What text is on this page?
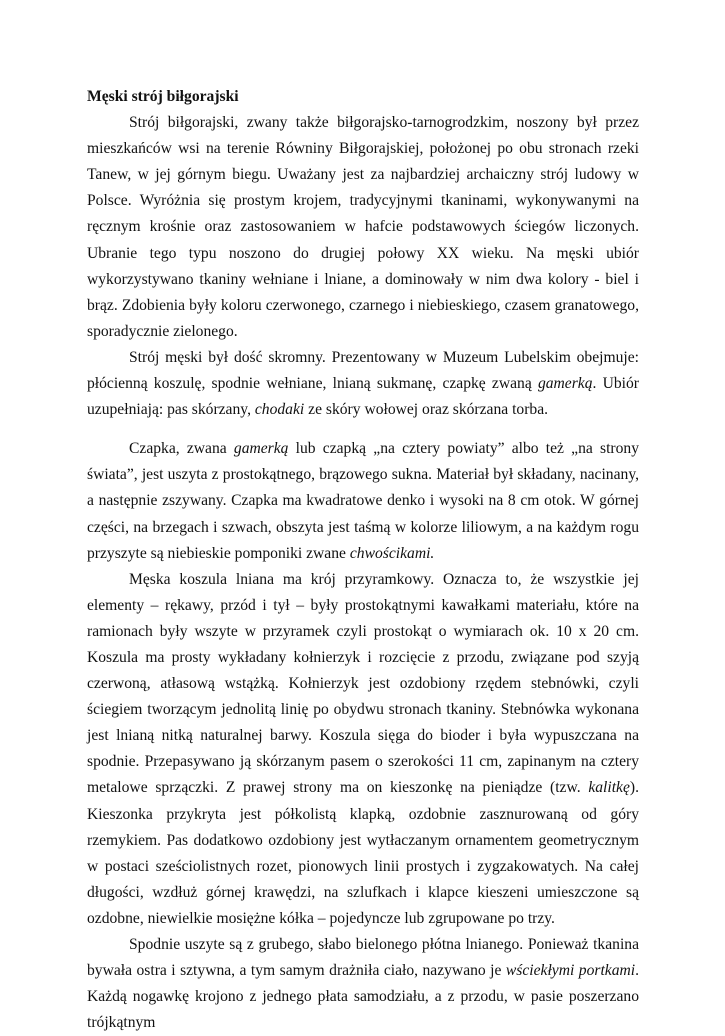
Męski strój biłgorajski

Strój biłgorajski, zwany także biłgorajsko-tarnogrodzkim, noszony był przez mieszkańców wsi na terenie Równiny Biłgorajskiej, położonej po obu stronach rzeki Tanew, w jej górnym biegu. Uważany jest za najbardziej archaiczny strój ludowy w Polsce. Wyróżnia się prostym krojem, tradycyjnymi tkaninami, wykonywanymi na ręcznym krośnie oraz zastosowaniem w hafcie podstawowych ściegów liczonych. Ubranie tego typu noszono do drugiej połowy XX wieku. Na męski ubiór wykorzystywano tkaniny wełniane i lniane, a dominowały w nim dwa kolory - biel i brąz. Zdobienia były koloru czerwonego, czarnego i niebieskiego, czasem granatowego, sporadycznie zielonego.

Strój męski był dość skromny. Prezentowany w Muzeum Lubelskim obejmuje: płócienną koszulę, spodnie wełniane, lnianą sukmanę, czapkę zwaną gamerką. Ubiór uzupełniają: pas skórzany, chodaki ze skóry wołowej oraz skórzana torba.

Czapka, zwana gamerką lub czapką „na cztery powiaty” albo też „na strony świata”, jest uszyta z prostokątnego, brązowego sukna. Materiał był składany, nacinany, a następnie zszywany. Czapka ma kwadratowe denko i wysoki na 8 cm otok. W górnej części, na brzegach i szwach, obszyta jest taśmą w kolorze liliowym, a na każdym rogu przyszyte są niebieskie pomponiki zwane chwościkami.

Męska koszula lniana ma krój przyramkowy. Oznacza to, że wszystkie jej elementy – rękawy, przód i tył – były prostokątnymi kawałkami materiału, które na ramionach były wszyte w przyramek czyli prostokąt o wymiarach ok. 10 x 20 cm. Koszula ma prosty wykładany kołnierzyk i rozcięcie z przodu, związane pod szyją czerwoną, atłasową wstążką. Kołnierzyk jest ozdobiony rzędem stebnówki, czyli ściegiem tworzącym jednolitą linię po obydwu stronach tkaniny. Stebnówka wykonana jest lnianą nitką naturalnej barwy. Koszula sięga do bioder i była wypuszczana na spodnie. Przepasywano ją skórzanym pasem o szerokości 11 cm, zapinanym na cztery metalowe sprzączki. Z prawej strony ma on kieszonkę na pieniądze (tzw. kalitkę). Kieszonka przykryta jest półkolistą klapką, ozdobnie zasznurowaną od góry rzemykiem. Pas dodatkowo ozdobiony jest wytłaczanym ornamentem geometrycznym w postaci sześciolistnych rozet, pionowych linii prostych i zygzakowatych. Na całej długości, wzdłuż górnej krawędzi, na szlufkach i klapce kieszeni umieszczone są ozdobne, niewielkie mosiężne kółka – pojedyncze lub zgrupowane po trzy.

Spodnie uszyte są z grubego, słabo bielonego płótna lnianego. Ponieważ tkanina bywała ostra i sztywna, a tym samym drażniła ciało, nazywano je wściekłymi portkami. Każdą nogawkę krojono z jednego płata samodziału, a z przodu, w pasie poszerzano trójkątnym
